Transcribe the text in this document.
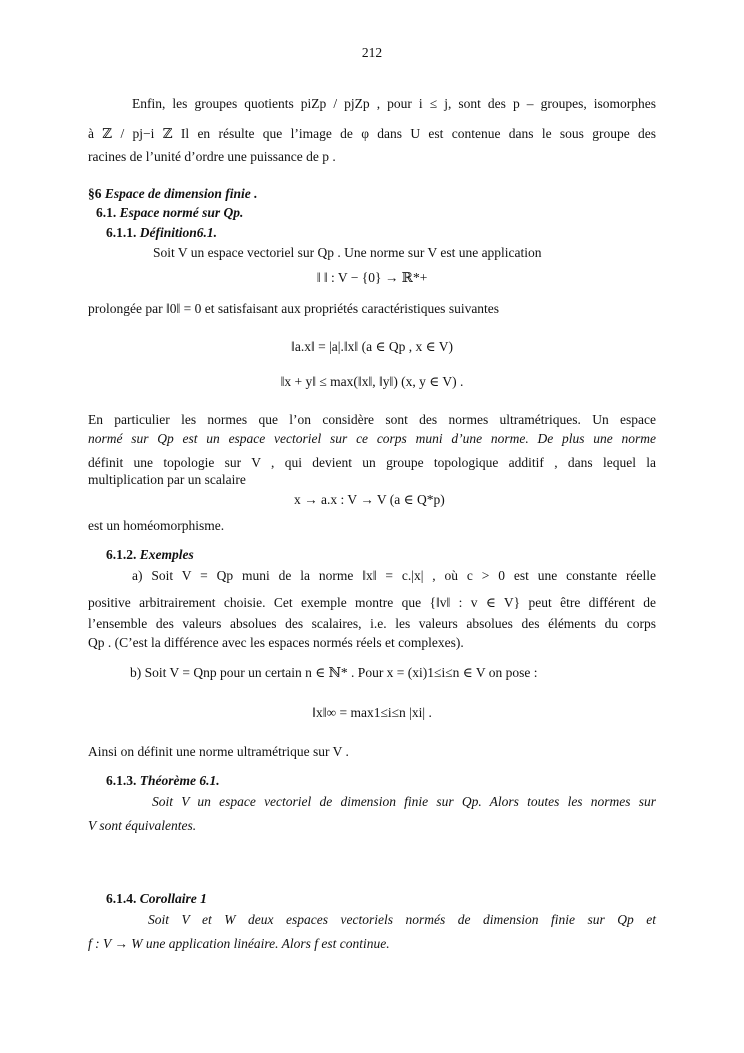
212
Enfin, les groupes quotients piZp / pjZp , pour i ≤ j, sont des p – groupes, isomorphes
à ℤ / pj−i ℤ Il en résulte que l’image de φ dans U est contenue dans le sous groupe des
racines de l’unité d’ordre une puissance de p .
§6 Espace de dimension finie .
6.1. Espace normé sur Qp.
6.1.1. Définition6.1.
Soit V un espace vectoriel sur Qp . Une norme sur V est une application
‖ ‖ : V − {0} → ℝ*+
prolongée par ‖0‖ = 0 et satisfaisant aux propriétés caractéristiques suivantes
‖a.x‖ = |a|.‖x‖ (a ∈ Qp , x ∈ V)
‖x + y‖ ≤ max(‖x‖, ‖y‖) (x, y ∈ V) .
En particulier les normes que l’on considère sont des normes ultramétriques. Un espace
normé sur Qp est un espace vectoriel sur ce corps muni d’une norme. De plus une norme
définit une topologie sur V , qui devient un groupe topologique additif , dans lequel la
multiplication par un scalaire
x → a.x : V → V (a ∈ Q*p)
est un homéomorphisme.
6.1.2. Exemples
a) Soit V = Qp muni de la norme ‖x‖ = c.|x| , où c > 0 est une constante réelle
positive arbitrairement choisie. Cet exemple montre que {‖v‖ : v ∈ V} peut être différent de
l’ensemble des valeurs absolues des scalaires, i.e. les valeurs absolues des éléments du corps
Qp . (C’est la différence avec les espaces normés réels et complexes).
b) Soit V = Qnp pour un certain n ∈ ℕ* . Pour x = (xi)1≤i≤n ∈ V on pose :
‖x‖∞ = max1≤i≤n |xi| .
Ainsi on définit une norme ultramétrique sur V .
6.1.3. Théorème 6.1.
Soit V un espace vectoriel de dimension finie sur Qp. Alors toutes les normes sur
V sont équivalentes.
6.1.4. Corollaire 1
Soit V et W deux espaces vectoriels normés de dimension finie sur Qp et
f : V → W une application linéaire. Alors f est continue.
